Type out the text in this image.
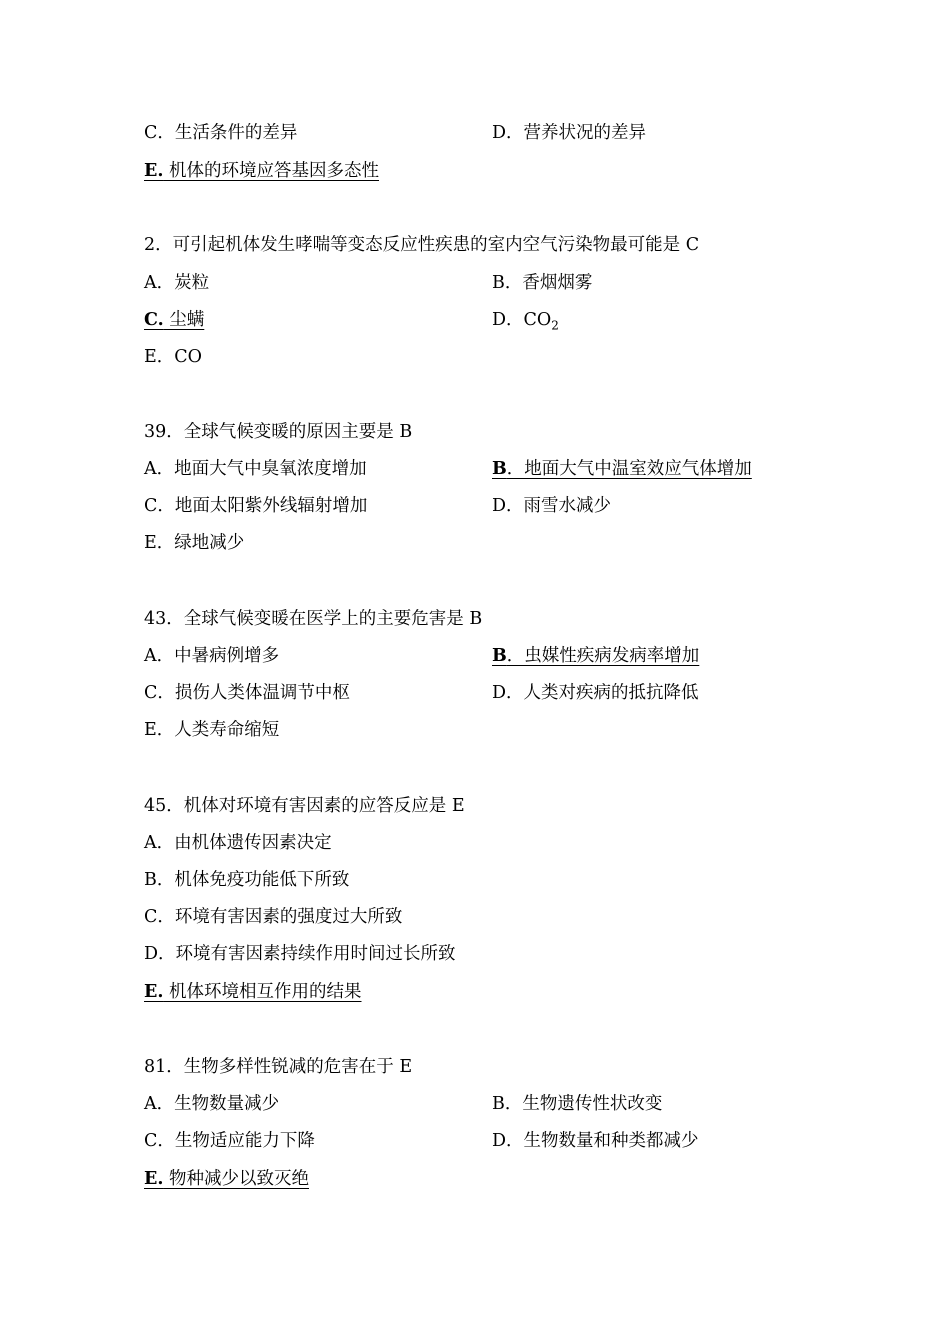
C．生活条件的差异	D．营养状况的差异
E. 机体的环境应答基因多态性
2．可引起机体发生哮喘等变态反应性疾患的室内空气污染物最可能是 C
A．炭粒	B．香烟烟雾
C. 尘螨	D．$CO_2$
E．CO
39．全球气候变暖的原因主要是 B
A．地面大气中臭氧浓度增加	B．地面大气中温室效应气体增加
C．地面太阳紫外线辐射增加	D．雨雪水减少
E．绿地减少
43．全球气候变暖在医学上的主要危害是 B
A．中暑病例增多	B．虫媒性疾病发病率增加
C．损伤人类体温调节中枢	D．人类对疾病的抵抗降低
E．人类寿命缩短
45．机体对环境有害因素的应答反应是 E
A．由机体遗传因素决定
B．机体免疫功能低下所致
C．环境有害因素的强度过大所致
D．环境有害因素持续作用时间过长所致
E. 机体环境相互作用的结果
81．生物多样性锐减的危害在于 E
A．生物数量减少	B．生物遗传性状改变
C．生物适应能力下降	D．生物数量和种类都减少
E. 物种减少以致灭绝
